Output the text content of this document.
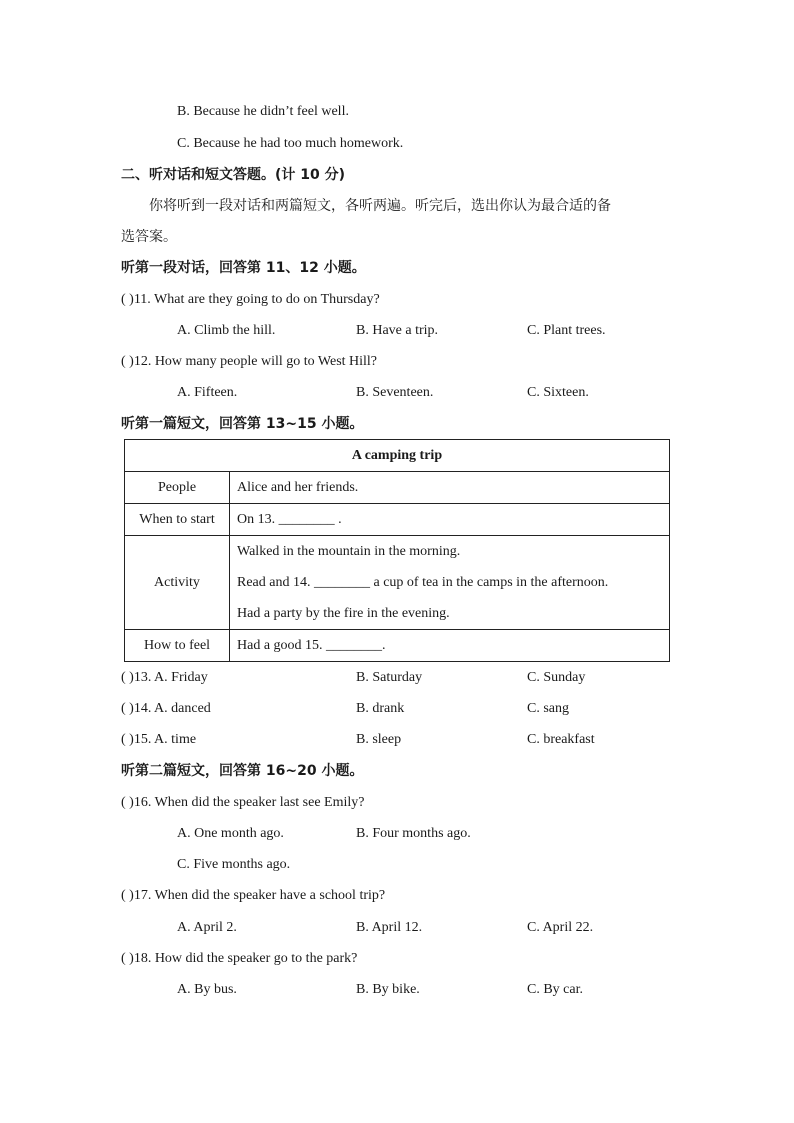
B. Because he didn’t feel well.
C. Because he had too much homework.
二、听对话和短文答题。(计 10 分)
你将听到一段对话和两篇短文，各听两遍。听完后，选出你认为最合适的备
选答案。
听第一段对话，回答第 11、12 小题。
( )11. What are they going to do on Thursday?
A. Climb the hill.	B. Have a trip.	C. Plant trees.
( )12. How many people will go to West Hill?
A. Fifteen.	B. Seventeen.	C. Sixteen.
听第一篇短文，回答第 13~15 小题。
A camping trip	
People	Alice and her friends.
When to start	On 13. ________ .
Activity	Walked in the mountain in the morning.
Read and 14. ________ a cup of tea in the camps in the afternoon.
Had a party by the fire in the evening.

How to feel	Had a good 15. ________.
( )13. A. Friday	B. Saturday	C. Sunday
( )14. A. danced	B. drank	C. sang
( )15. A. time	B. sleep	C. breakfast
听第二篇短文，回答第 16~20 小题。
( )16. When did the speaker last see Emily?
A. One month ago.	B. Four months ago.
C. Five months ago.
( )17. When did the speaker have a school trip?
A. April 2.	B. April 12.	C. April 22.
( )18. How did the speaker go to the park?
A. By bus.	B. By bike.	C. By car.
